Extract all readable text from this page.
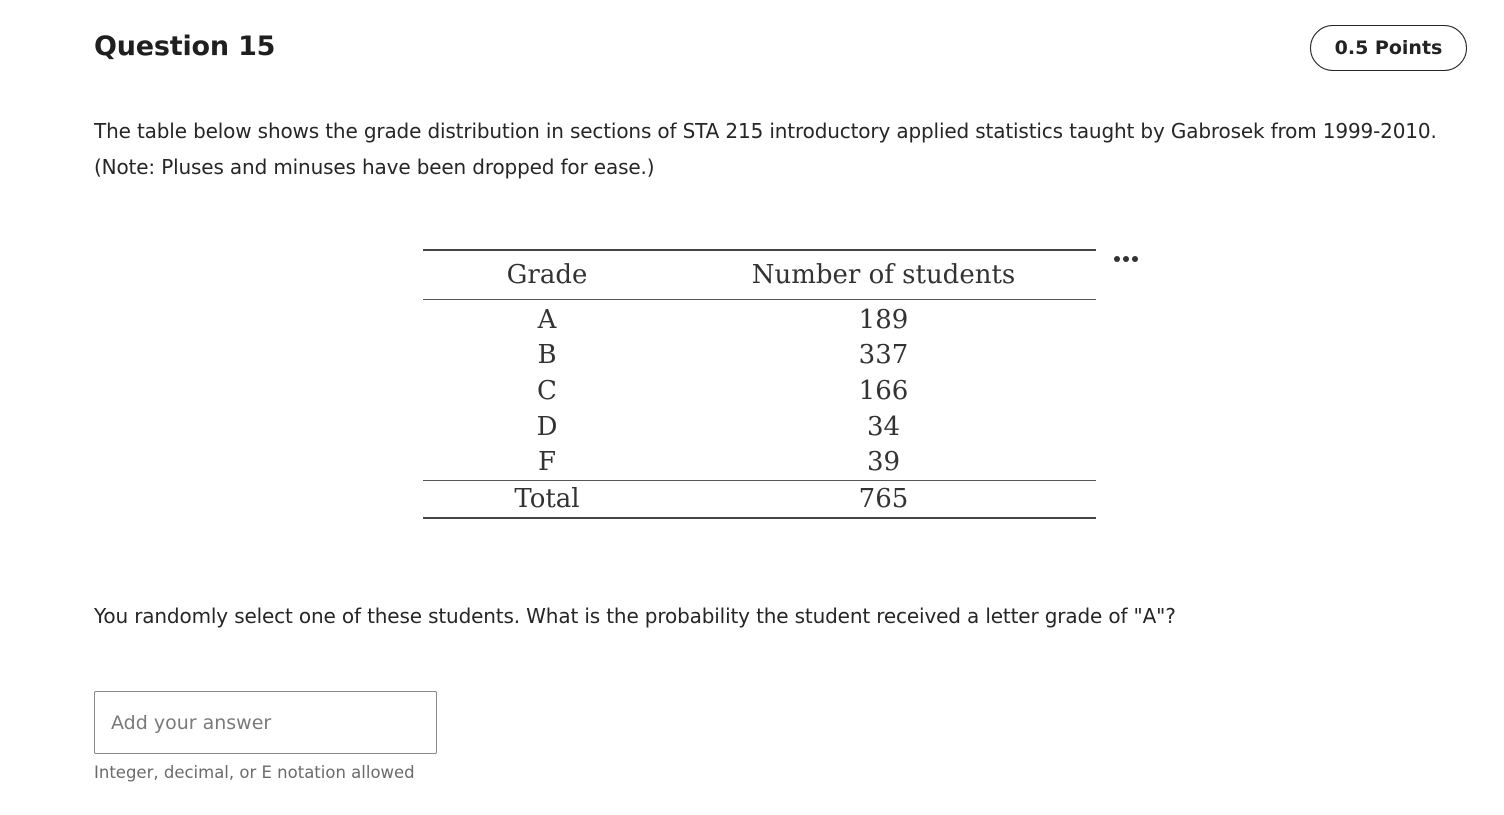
Question 15	0.5 Points

The table below shows the grade distribution in sections of STA 215 introductory applied statistics taught by Gabrosek from 1999-2010. (Note: Pluses and minuses have been dropped for ease.)

Grade	Number of students
A	189
B	337
C	166
D	34
F	39
Total	765

You randomly select one of these students. What is the probability the student received a letter grade of "A"?

Add your answer

Integer, decimal, or E notation allowed
